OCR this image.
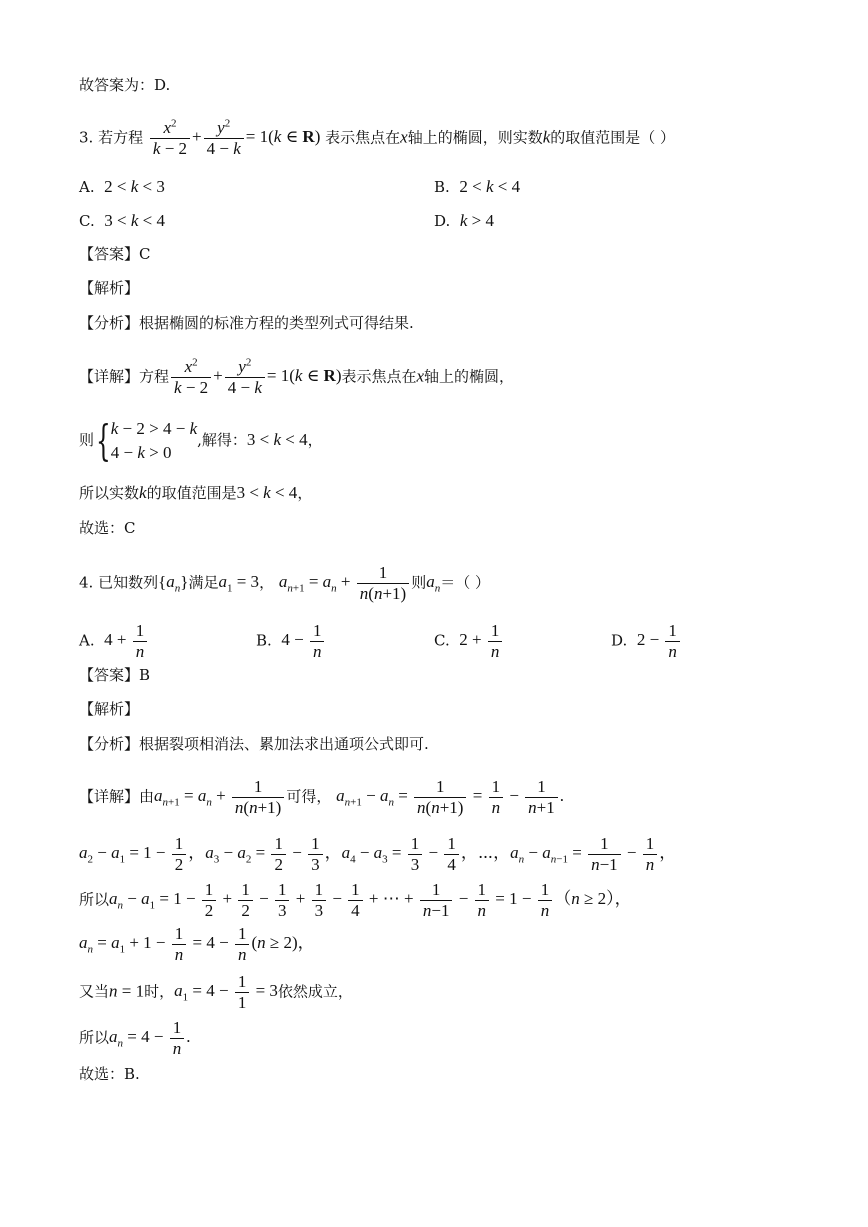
故答案为：D.
3. 若方程 $\frac{x^2}{k - 2} + \frac{y^2}{4 - k} = 1(k$ ∈ R) 表示焦点在x轴上的椭圆，则实数k的取值范围是（ ）
A. 2 < k < 3	B. 2 < k < 4
C. 3 < k < 4	D. k > 4
【答案】C
【解析】
【分析】根据椭圆的标准方程的类型列式可得结果.
【详解】方程 $\frac{x^2}{k - 2} + \frac{y^2}{4 - k} = 1(k$ ∈ R)表示焦点在x轴上的椭圆，
则{ k − 2 > 4 − k
4 − k > 0
,解得：3 < k < 4，
所以实数k的取值范围是3 < k < 4，
故选：C
4. 已知数列$\{a_n\}$满足$a_1 = 3$， $a_{n+1} = a_n + \frac{1}{n(n+1)}$ 则$a_n=$（ ）
A. $4 + \frac{1}{n}$	B. $4 - \frac{1}{n}$	C. $2 + \frac{1}{n}$	D. $2 - \frac{1}{n}$
【答案】B
【解析】
【分析】根据裂项相消法、累加法求出通项公式即可.
【详解】由$a_{n+1} = a_n + \frac{1}{n(n+1)}$ 可得， $a_{n+1} - a_n = \frac{1}{n(n+1)} = \frac{1}{n} - \frac{1}{n+1}$ .
$a_2 - a_1 = 1 - \frac{1}{2}$ ，$a_3 - a_2 = \frac{1}{2} - \frac{1}{3}$ ，$a_4 - a_3 = \frac{1}{3} - \frac{1}{4}$ ，⋯，$a_n - a_{n-1} = \frac{1}{n-1} - \frac{1}{n}$ ，
所以$a_n - a_1 = 1 - \frac{1}{2} + \frac{1}{2} - \frac{1}{3} + \frac{1}{3} - \frac{1}{4}$ + ⋯ + $\frac{1}{n-1} - \frac{1}{n} = 1 - \frac{1}{n} (n \ge 2)$，
$a_n = a_1 + 1 - \frac{1}{n} = 4 - \frac{1}{n} (n \ge 2)$，
又当n = 1时，$a_1 = 4 - \frac{1}{1} = 3$依然成立，
所以$a_n = 4 - \frac{1}{n}$ .
故选：B.
